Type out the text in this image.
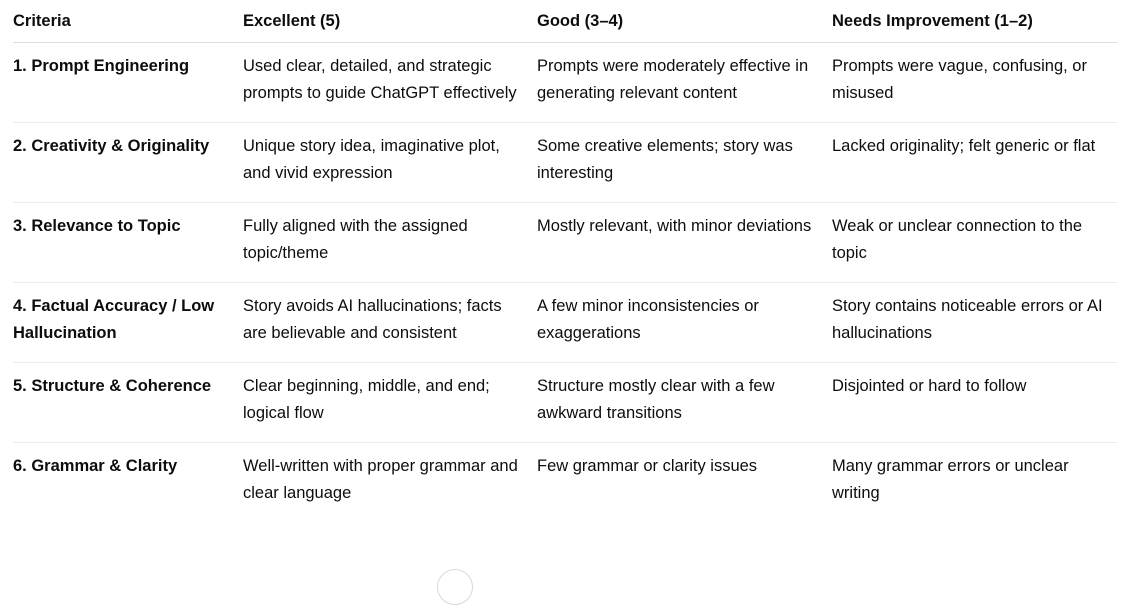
Criteria	Excellent (5)	Good (3–4)	Needs Improvement (1–2)
1. Prompt Engineering	Used clear, detailed, and strategic prompts to guide ChatGPT effectively	Prompts were moderately effective in generating relevant content	Prompts were vague, confusing, or misused
2. Creativity & Originality	Unique story idea, imaginative plot, and vivid expression	Some creative elements; story was interesting	Lacked originality; felt generic or flat
3. Relevance to Topic	Fully aligned with the assigned topic/theme	Mostly relevant, with minor deviations	Weak or unclear connection to the topic
4. Factual Accuracy / Low Hallucination	Story avoids AI hallucinations; facts are believable and consistent	A few minor inconsistencies or exaggerations	Story contains noticeable errors or AI hallucinations
5. Structure & Coherence	Clear beginning, middle, and end; logical flow	Structure mostly clear with a few awkward transitions	Disjointed or hard to follow
6. Grammar & Clarity	Well-written with proper grammar and clear language	Few grammar or clarity issues	Many grammar errors or unclear writing
